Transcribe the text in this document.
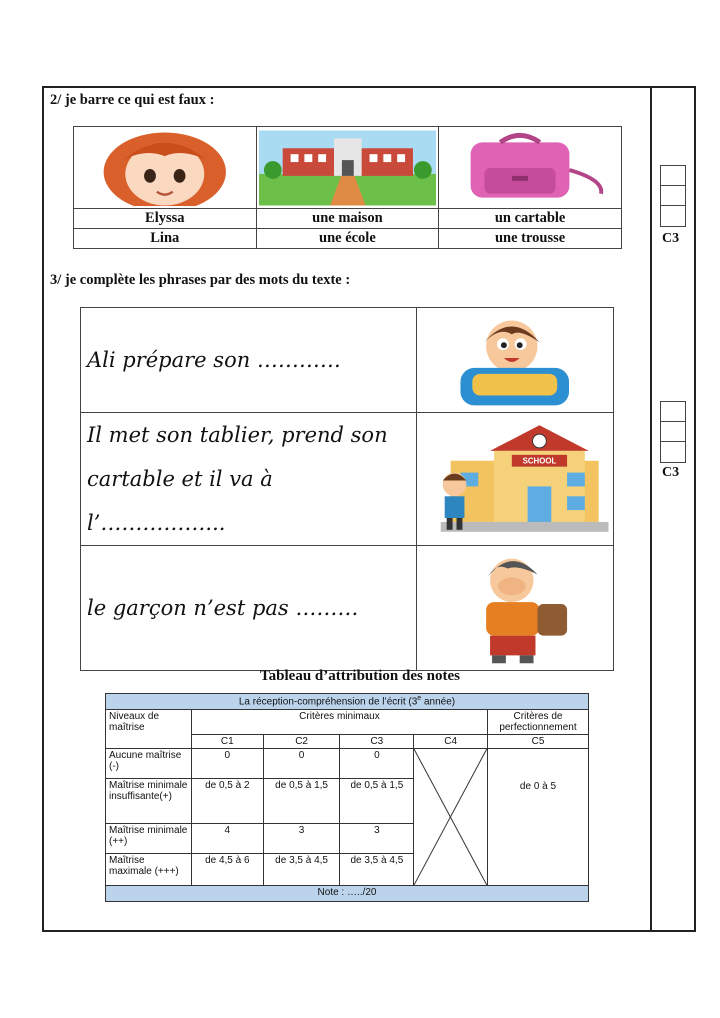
2/ je barre ce qui est faux :

Elyssa	une maison	un cartable
Lina	une école	une trousse	C3
C3
3/ je complète les phrases par des mots du texte :
Ali prépare son …………	

Il met son tablier, prend son cartable et il va à l’……………...	SCHOOL

le garçon n’est pas ………	
Tableau d’attribution des notes
La réception-compréhension de l’écrit (3e année)					
Niveaux de maîtrise	Critères minimaux				Critères de perfectionnement
	C1	C2	C3	C4	C5
Aucune maîtrise (-)	0	0	0		de 0 à 5
Maîtrise minimale insuffisante(+)	de 0,5 à 2	de 0,5 à 1,5	de 0,5 à 1,5		
Maîtrise minimale (++)	4	3	3		
Maîtrise maximale (+++)	de 4,5 à 6	de 3,5 à 4,5	de 3,5 à 4,5		
Note : …../20					
